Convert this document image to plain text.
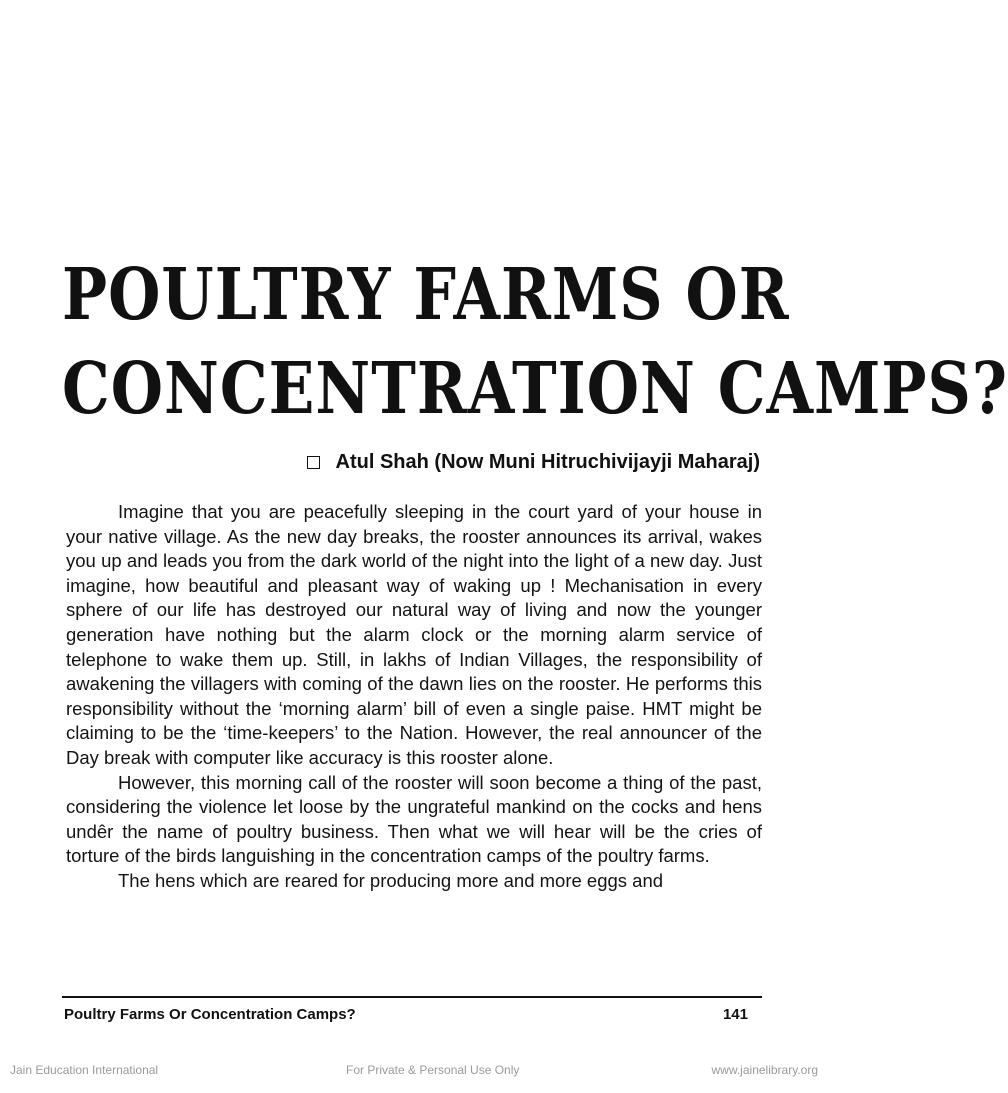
POULTRY FARMS OR
CONCENTRATION CAMPS?
Atul Shah (Now Muni Hitruchivijayji Maharaj)

Imagine that you are peacefully sleeping in the court yard of your house in your native village. As the new day breaks, the rooster announces its arrival, wakes you up and leads you from the dark world of the night into the light of a new day. Just imagine, how beautiful and pleasant way of waking up ! Mechanisation in every sphere of our life has destroyed our natural way of living and now the younger generation have nothing but the alarm clock or the morning alarm service of telephone to wake them up. Still, in lakhs of Indian Villages, the responsibility of awakening the villagers with coming of the dawn lies on the rooster. He performs this responsibility without the ‘morning alarm’ bill of even a single paise. HMT might be claiming to be the ‘time-keepers’ to the Nation. However, the real announcer of the Day break with computer like accuracy is this rooster alone.

However, this morning call of the rooster will soon become a thing of the past, considering the violence let loose by the ungrateful mankind on the cocks and hens undêr the name of poultry business. Then what we will hear will be the cries of torture of the birds languishing in the concentration camps of the poultry farms.

The hens which are reared for producing more and more eggs and

Poultry Farms Or Concentration Camps?	141
Jain Education International	For Private & Personal Use Only	www.jainelibrary.org
